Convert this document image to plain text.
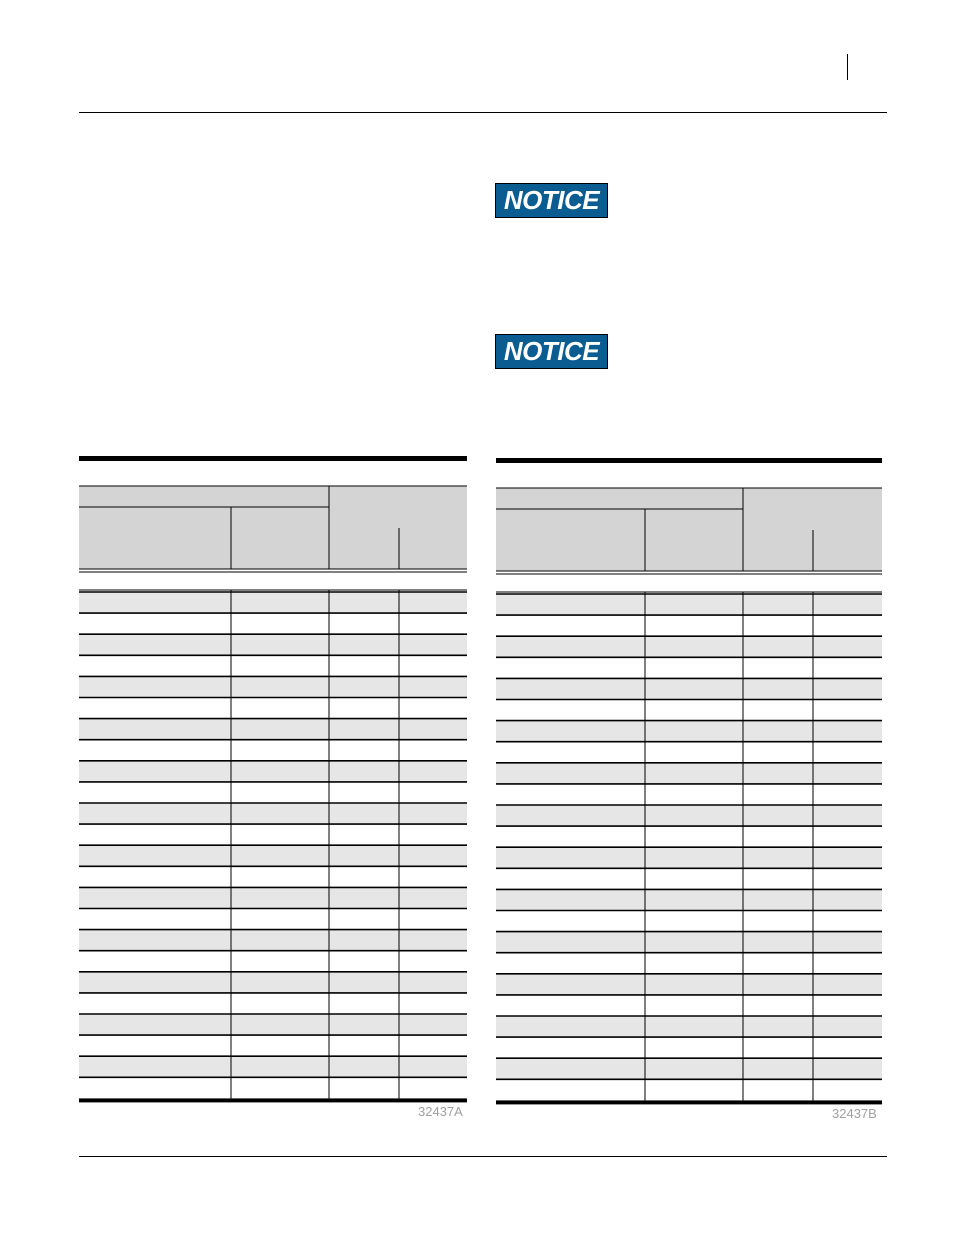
NOTICE
NOTICE
32437A	32437B
